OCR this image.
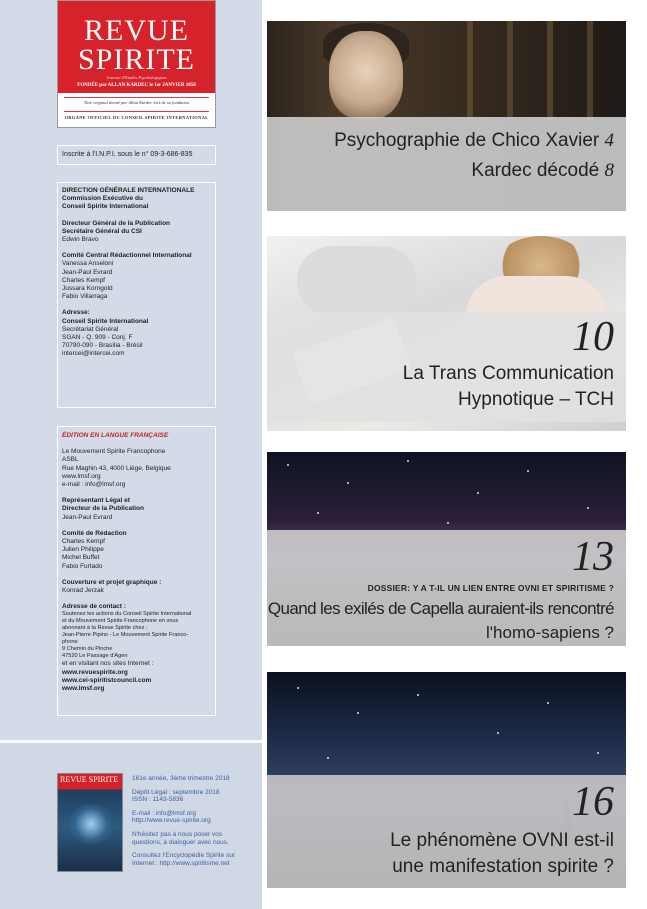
REVUE
SPIRITE
Journal d'Etudes Psychologiques
FONDÉE par ALLAN KARDEC le 1er JANVIER 1858
Titre original donné par Allan Kardec lors de sa fondation
ORGANE OFFICIEL DU CONSEIL SPIRITE INTERNATIONAL
Inscrite à l'I.N.P.I. sous le n° 09-3-686-835
DIRECTION GÉNÉRALE INTERNATIONALE
Commission Exécutive du
Conseil Spirite International
Directeur Général de la Publication
Secrétaire Général du CSI
Edwin Bravo
Comité Central Rédactionnel International
Vanessa Anseloni
Jean-Paul Evrard
Charles Kempf
Jussara Korngold
Fabio Villarraga
Adresse:
Conseil Spirite International
Secrétariat Général
SGAN - Q. 909 - Conj. F
70790-090 - Brasília - Brésil
intercei@intercei.com
ÉDITION EN LANGUE FRANÇAISE
Le Mouvement Spirite Francophone
ASBL
Rue Maghin 43, 4000 Liège, Belgique
www.lmsf.org
e-mail : info@lmsf.org
Représentant Légal et
Directeur de la Publication
Jean-Paul Evrard
Comité de Rédaction
Charles Kempf
Julien Philippe
Michel Buffet
Fabio Furtado
Couverture et projet graphique :
Konrad Jerzak
Adresse de contact :
Soutenez les actions du Conseil Spirite International
et du Mouvement Spirite Francophone en vous
abonnant à la Revue Spirite chez :
Jean-Pierre Pipino - Le Mouvement Spirite Franco-
phone
9 Chemin du Pinche
47520 Le Passage d'Agen
et en visitant nos sites Internet :
www.revuespirite.org
www.cei-spiritistcouncil.com
www.lmsf.org
REVUE SPIRITE	161e année, 3ème trimestre 2018

Dépôt Légal : septembre 2018
ISSN : 1143-5836

E-mail : info@lmsf.org
http://www.revue-spirite.org

N'hésitez pas à nous poser vos
questions, à dialoguer avec nous.

Consultez l'Encyclopédie Spirite sur
Internet : http://www.spiritisme.net

Psychographie de Chico Xavier 4
Kardec décodé 8
10
La Trans Communication
Hypnotique – TCH
13
DOSSIER: Y A T-IL UN LIEN ENTRE OVNI ET SPIRITISME ?
Quand les exilés de Capella auraient-ils rencontré
l'homo-sapiens ?
16
Le phénomène OVNI est-il
une manifestation spirite ?
